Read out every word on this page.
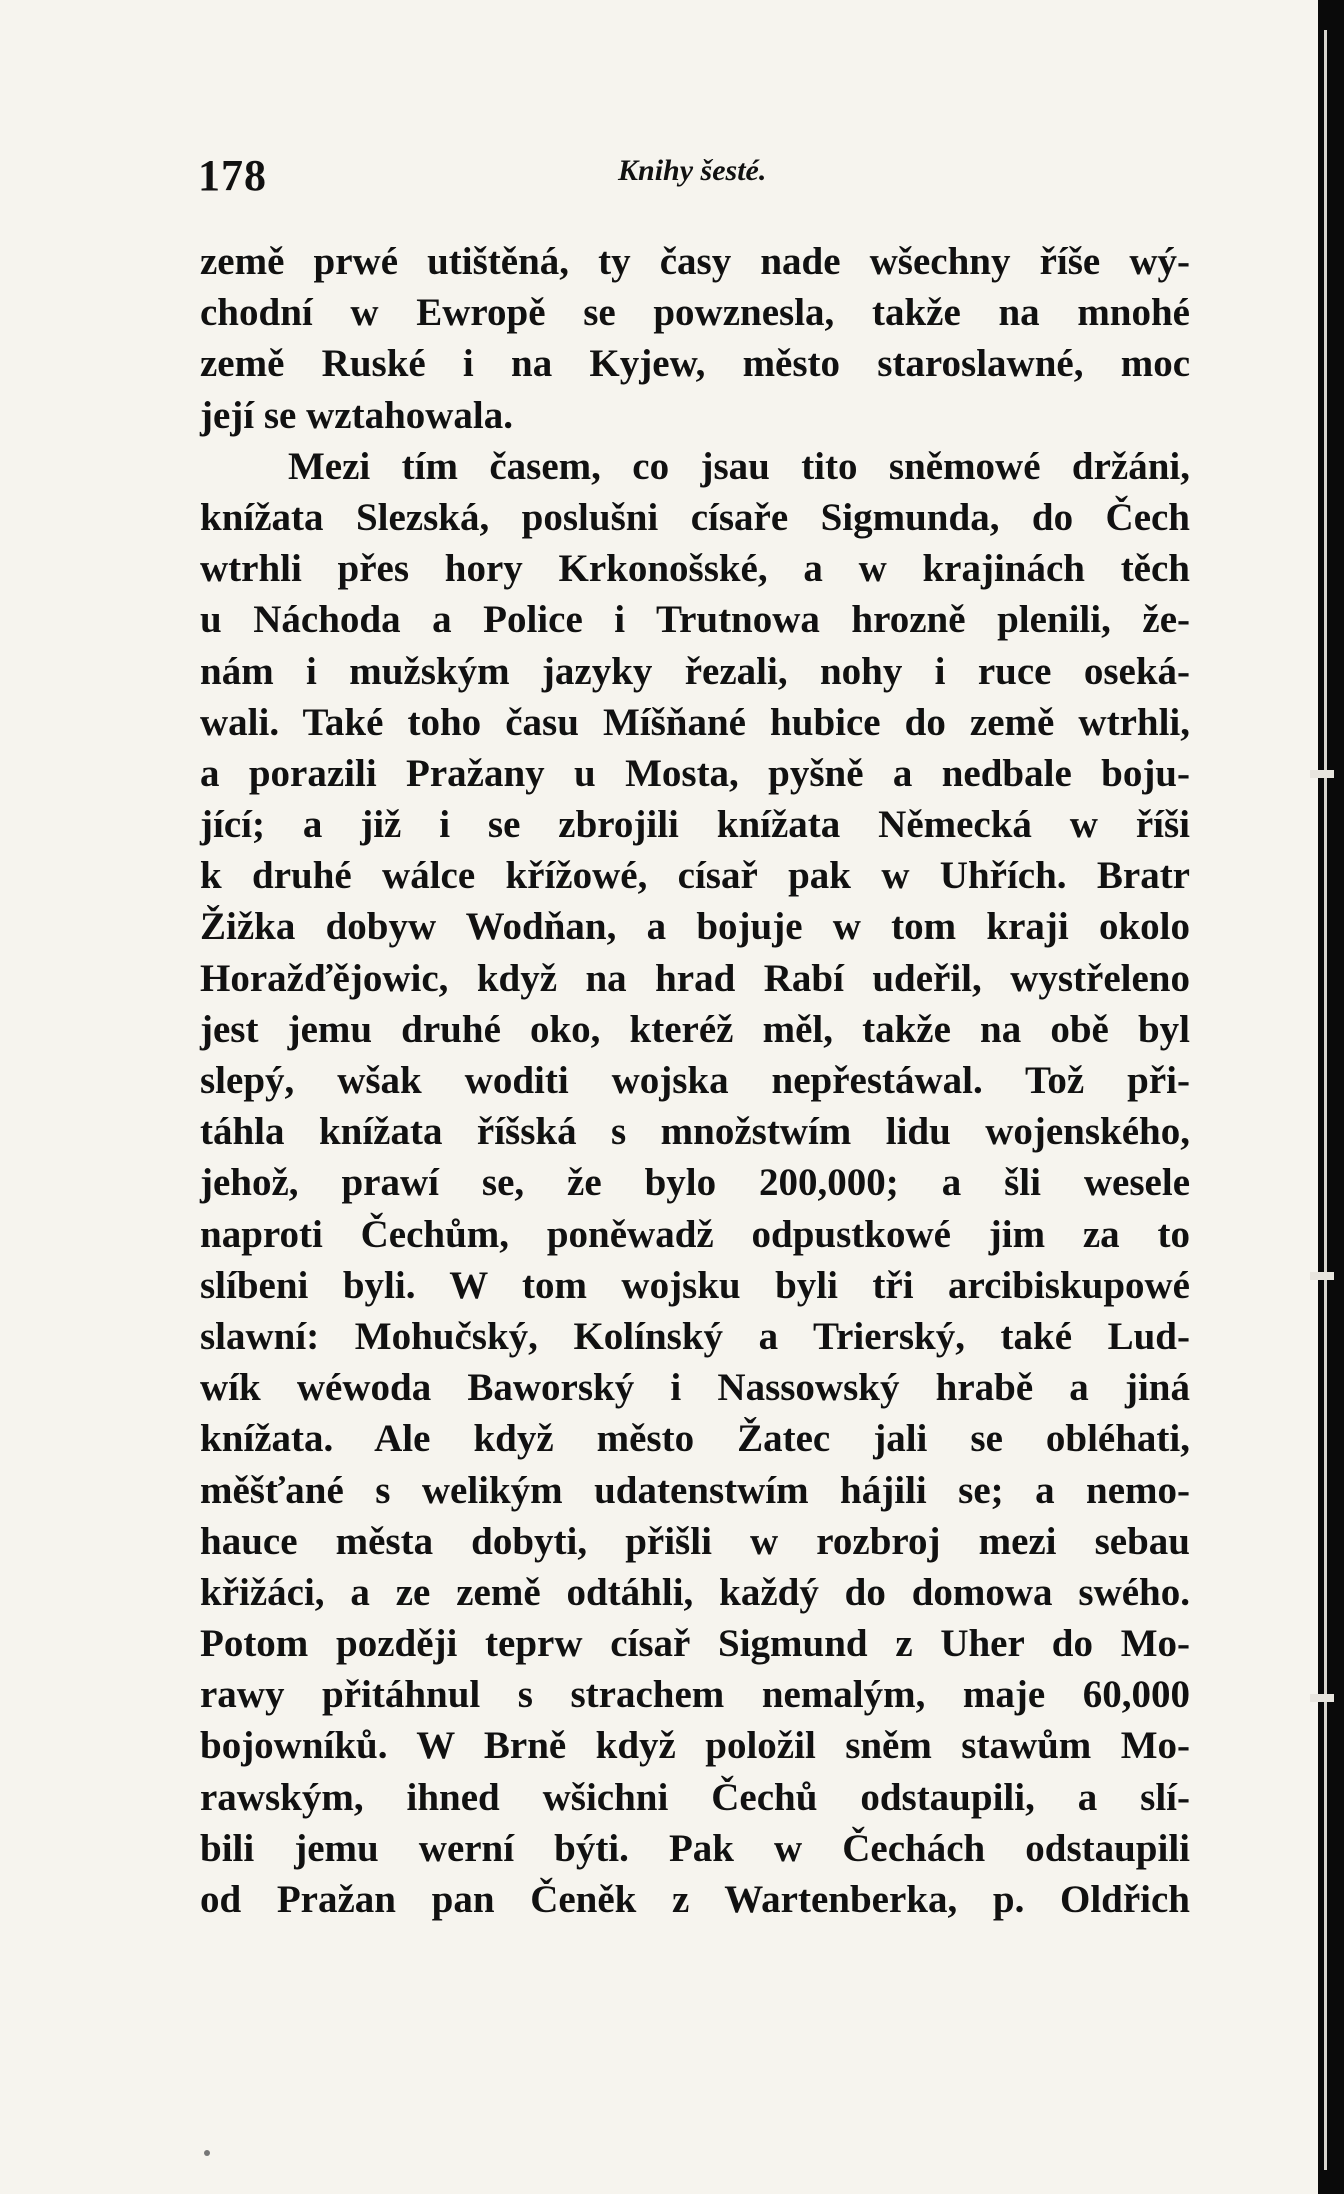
178	Knihy šesté.
země prwé utištěná, ty časy nade wšechny říše wý-
chodní w Ewropě se powznesla, takže na mnohé
země Ruské i na Kyjew, město staroslawné, moc
její se wztahowala.
Mezi tím časem, co jsau tito sněmowé držáni,
knížata Slezská, poslušni císaře Sigmunda, do Čech
wtrhli přes hory Krkonošské, a w krajinách těch
u Náchoda a Police i Trutnowa hrozně plenili, že-
nám i mužským jazyky řezali, nohy i ruce oseká-
wali. Také toho času Míšňané hubice do země wtrhli,
a porazili Pražany u Mosta, pyšně a nedbale boju-
jící; a již i se zbrojili knížata Německá w říši
k druhé wálce křížowé, císař pak w Uhřích. Bratr
Žižka dobyw Wodňan, a bojuje w tom kraji okolo
Horažďějowic, když na hrad Rabí udeřil, wystřeleno
jest jemu druhé oko, kteréž měl, takže na obě byl
slepý, wšak woditi wojska nepřestáwal. Tož při-
táhla knížata říšská s množstwím lidu wojenského,
jehož, prawí se, že bylo 200,000; a šli wesele
naproti Čechům, poněwadž odpustkowé jim za to
slíbeni byli. W tom wojsku byli tři arcibiskupowé
slawní: Mohučský, Kolínský a Trierský, také Lud-
wík wéwoda Baworský i Nassowský hrabě a jiná
knížata. Ale když město Žatec jali se obléhati,
měšťané s welikým udatenstwím hájili se; a nemo-
hauce města dobyti, přišli w rozbroj mezi sebau
křižáci, a ze země odtáhli, každý do domowa swého.
Potom později teprw císař Sigmund z Uher do Mo-
rawy přitáhnul s strachem nemalým, maje 60,000
bojowníků. W Brně když položil sněm stawům Mo-
rawským, ihned wšichni Čechů odstaupili, a slí-
bili jemu werní býti. Pak w Čechách odstaupili
od Pražan pan Čeněk z Wartenberka, p. Oldřich
